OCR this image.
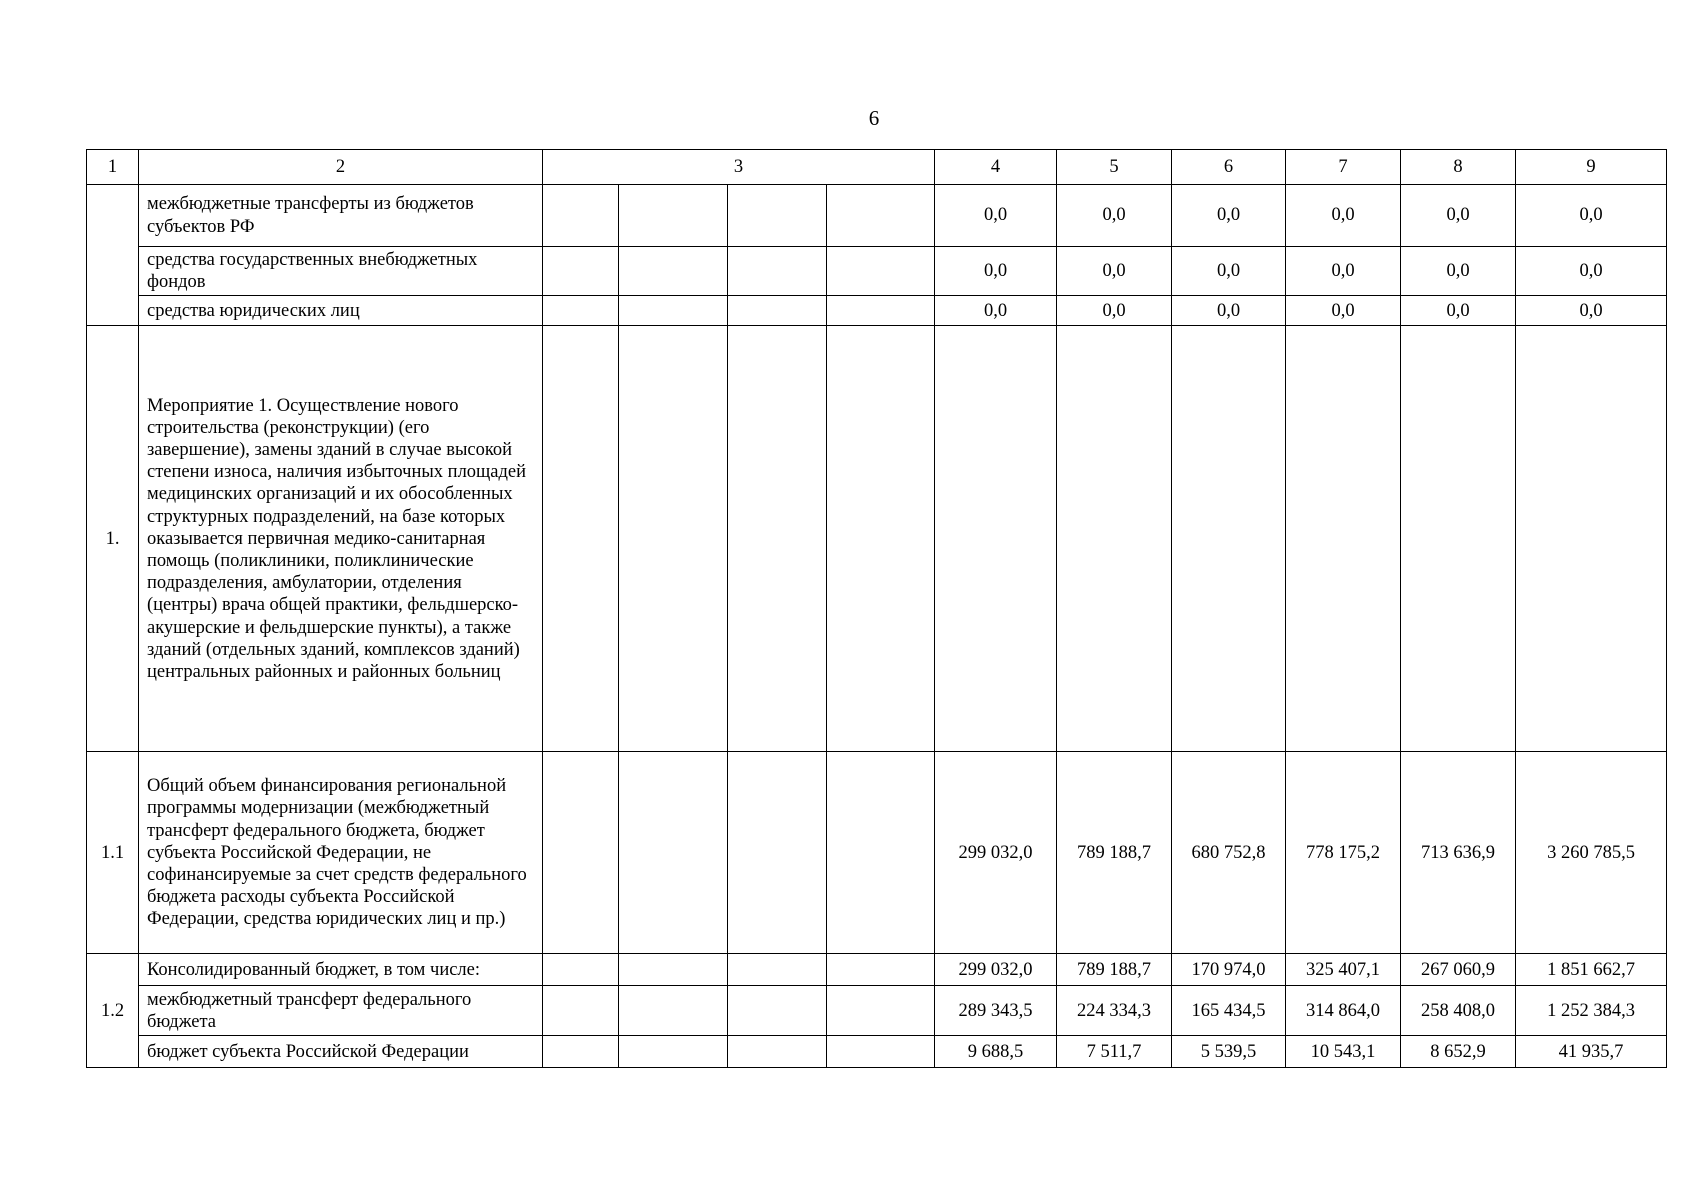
6
1	2	3				4	5	6	7	8	9
	межбюджетные трансферты из бюджетов субъектов РФ					0,0	0,0	0,0	0,0	0,0	0,0
	средства государственных внебюджетных фондов					0,0	0,0	0,0	0,0	0,0	0,0
	средства юридических лиц					0,0	0,0	0,0	0,0	0,0	0,0
1.	Мероприятие 1. Осуществление нового строительства (реконструкции) (его завершение), замены зданий в случае высокой степени износа, наличия избыточных площадей медицинских организаций и их обособленных структурных подразделений, на базе которых оказывается первичная медико-санитарная помощь (поликлиники, поликлинические подразделения, амбулатории, отделения (центры) врача общей практики, фельдшерско-акушерские и фельдшерские пункты), а также зданий (отдельных зданий, комплексов зданий) центральных районных и районных больниц										
1.1	Общий объем финансирования региональной программы модернизации (межбюджетный трансферт федерального бюджета, бюджет субъекта Российской Федерации, не софинансируемые за счет средств федерального бюджета расходы субъекта Российской Федерации, средства юридических лиц и пр.)					299 032,0	789 188,7	680 752,8	778 175,2	713 636,9	3 260 785,5
1.2	Консолидированный бюджет, в том числе:					299 032,0	789 188,7	170 974,0	325 407,1	267 060,9	1 851 662,7
	межбюджетный трансферт федерального бюджета					289 343,5	224 334,3	165 434,5	314 864,0	258 408,0	1 252 384,3
	бюджет субъекта Российской Федерации					9 688,5	7 511,7	5 539,5	10 543,1	8 652,9	41 935,7
